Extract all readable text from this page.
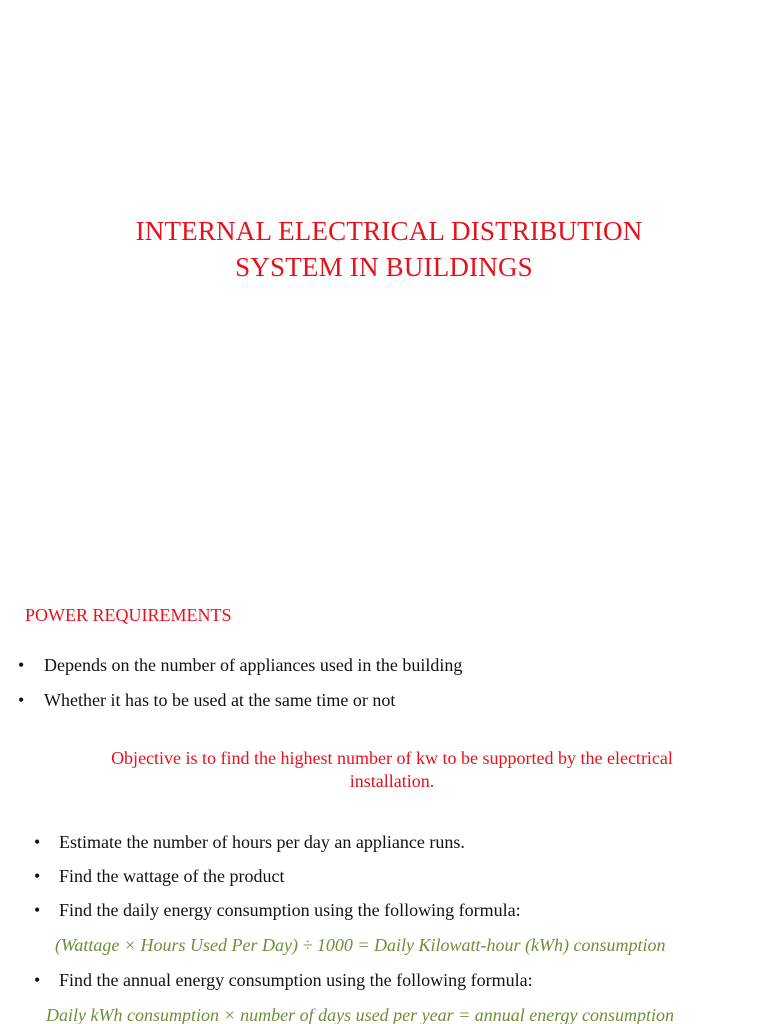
INTERNAL ELECTRICAL DISTRIBUTION
SYSTEM IN BUILDINGS
POWER REQUIREMENTS
• Depends on the number of appliances used in the building
• Whether it has to be used at the same time or not
Objective is to find the highest number of kw to be supported by the electrical installation.
• Estimate the number of hours per day an appliance runs.
• Find the wattage of the product
• Find the daily energy consumption using the following formula:
(Wattage × Hours Used Per Day) ÷ 1000 = Daily Kilowatt-hour (kWh) consumption
• Find the annual energy consumption using the following formula:
Daily kWh consumption × number of days used per year = annual energy consumption
